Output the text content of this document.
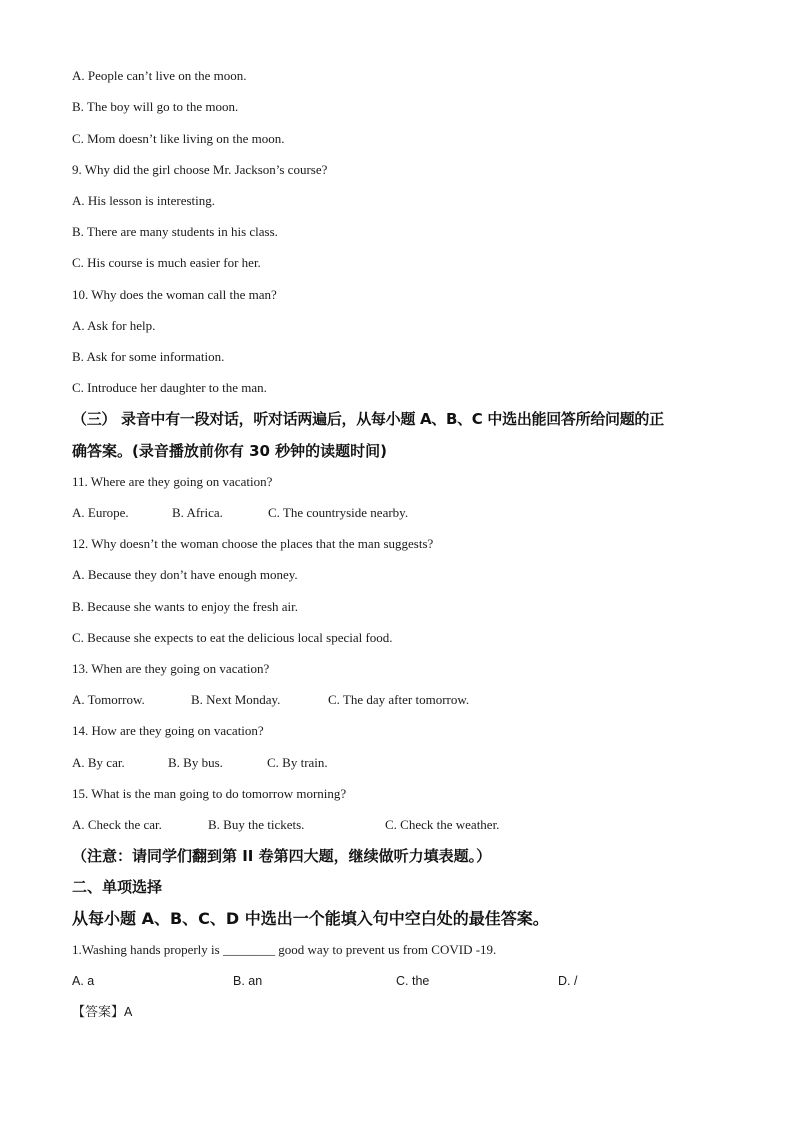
A. People can’t live on the moon.
B. The boy will go to the moon.
C. Mom doesn’t like living on the moon.
9. Why did the girl choose Mr. Jackson’s course?
A. His lesson is interesting.
B. There are many students in his class.
C. His course is much easier for her.
10. Why does the woman call the man?
A. Ask for help.
B. Ask for some information.
C. Introduce her daughter to the man.
（三） 录音中有一段对话，听对话两遍后，从每小题 A、B、C 中选出能回答所给问题的正
确答案。(录音播放前你有 30 秒钟的读题时间)
11. Where are they going on vacation?
A. Europe.	B. Africa.	C. The countryside nearby.
12. Why doesn’t the woman choose the places that the man suggests?
A. Because they don’t have enough money.
B. Because she wants to enjoy the fresh air.
C. Because she expects to eat the delicious local special food.
13. When are they going on vacation?
A. Tomorrow.	B. Next Monday.	C. The day after tomorrow.
14. How are they going on vacation?
A. By car.	B. By bus.	C. By train.
15. What is the man going to do tomorrow morning?
A. Check the car.	B. Buy the tickets.	C. Check the weather.
（注意：请同学们翻到第 II 卷第四大题，继续做听力填表题。）
二、单项选择
从每小题 A、B、C、D 中选出一个能填入句中空白处的最佳答案。
1.Washing hands properly is ________ good way to prevent us from COVID -19.
A. a	B. an	C. the	D. /
【答案】A
